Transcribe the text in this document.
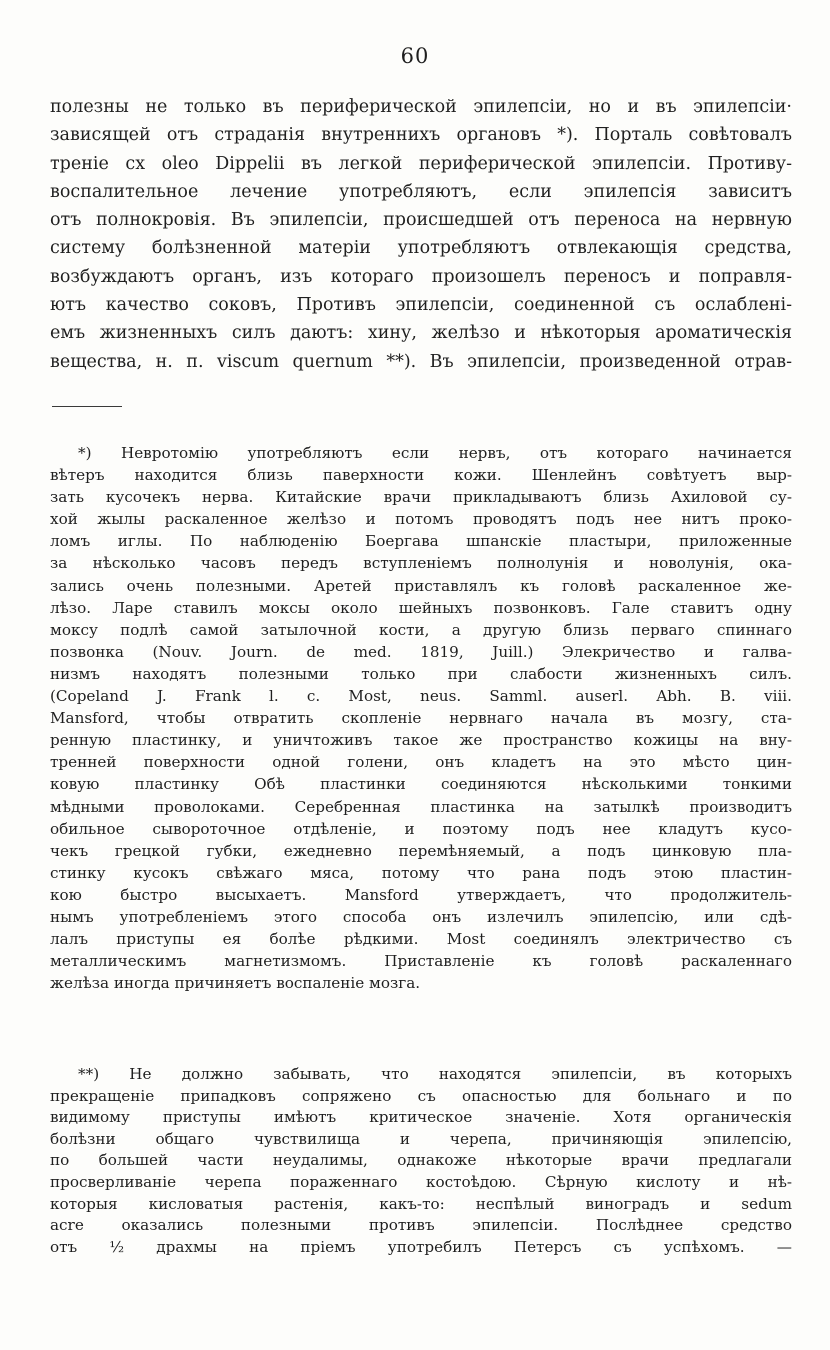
60
полезны не только въ периферической эпилепсіи, но и въ эпилепсіи·
зависящей отъ страданія внутреннихъ органовъ *). Порталь совѣтовалъ
треніе сх oleo Dippelii въ легкой периферической эпилепсіи. Противу-
воспалительное лечение употребляютъ, если эпилепсія зависитъ
отъ полнокровія. Въ эпилепсіи, происшедшей отъ переноса на нервную
систему болѣзненной матеріи употребляютъ отвлекающія средства,
возбуждаютъ органъ, изъ котораго произошелъ переносъ и поправля-
ютъ качество соковъ, Противъ эпилепсіи, соединенной съ ослабленi-
емъ жизненныхъ силъ даютъ: хину, желѣзо и нѣкоторыя ароматическія
вещества, н. п. viscum quernum **). Въ эпилепсіи, произведенной отрав-
*) Невротомію употребляютъ если нервъ, отъ котораго начинается
вѣтеръ находится близь паверхности кожи. Шенлейнъ совѣтуетъ выр-
зать кусочекъ нерва. Китайские врачи прикладываютъ близь Ахиловой су-
хой жылы раскаленное желѣзо и потомъ проводятъ подъ нее нитъ проко-
ломъ иглы. По наблюденію Боергава шпанскіе пластыри, приложенные
за нѣсколько часовъ передъ вступленіемъ полнолунія и новолунія, ока-
зались очень полезными. Аретей приставлялъ къ головѣ раскаленное же-
лѣзо. Ларе ставилъ моксы около шейныхъ позвонковъ. Гале ставитъ одну
моксу подлѣ самой затылочной кости, а другую близь перваго спиннаго
позвонка (Nouv. Journ. de med. 1819, Juill.) Элекричество и галва-
низмъ находятъ полезными только при слабости жизненныхъ силъ.
(Copeland J. Frank l. c. Most, neus. Samml. auserl. Abh. B. viii.
Mansford, чтобы отвратить скопленіе нервнаго начала въ мозгу, ста-
ренную пластинку, и уничтоживъ такое же пространство кожицы на вну-
тренней поверхности одной голени, онъ кладетъ на это мѣсто цин-
ковую пластинку Обѣ пластинки соединяются нѣсколькими тонкими
мѣдными проволоками. Серебренная пластинка на затылкѣ производитъ
обильное сывороточное отдѣленіе, и поэтому подъ нее кладутъ кусо-
чекъ грецкой губки, ежедневно перемѣняемый, а подъ цинковую пла-
стинку кусокъ свѣжаго мяса, потому что рана подъ этою пластин-
кою быстро высыхаетъ. Mansford утверждаетъ, что продолжитель-
нымъ употребленіемъ этого способа онъ излечилъ эпилепсію, или сдѣ-
лалъ приступы ея болѣе рѣдкими. Most соединялъ электричество съ
металлическимъ магнетизмомъ. Приставленіе къ головѣ раскаленнаго
желѣза иногда причиняетъ воспаленіе мозга.
**) Не должно забывать, что находятся эпилепсіи, въ которыхъ
прекращеніе припадковъ сопряжено съ опасностью для больнаго и по
видимому приступы имѣютъ критическое значеніе. Хотя органическія
болѣзни общаго чувствилища и черепа, причиняющія эпилепсію,
по большей части неудалимы, однакоже нѣкоторые врачи предлагали
просверливаніе черепа пораженнаго костоѣдою. Сѣрную кислоту и нѣ-
которыя кисловатыя растенія, какъ-то: неспѣлый виноградъ и sedum
acre оказались полезными противъ эпилепсіи. Послѣднее средство
отъ ½ драхмы на пріемъ употребилъ Петерсъ съ успѣхомъ. —
